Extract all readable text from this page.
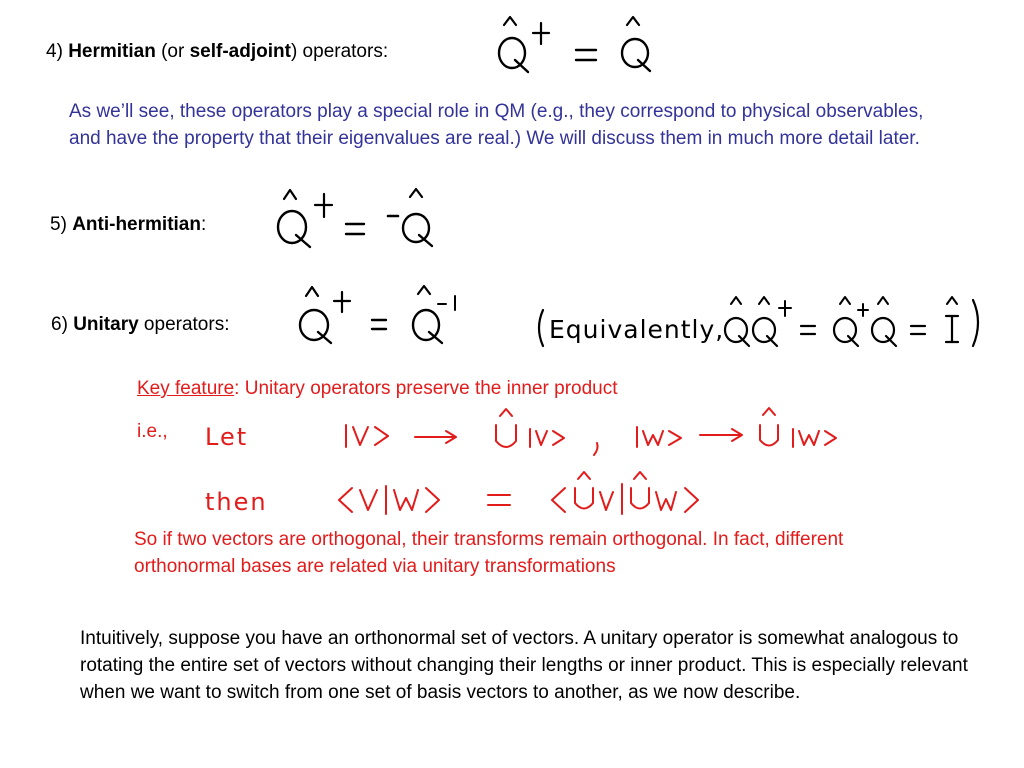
4) Hermitian (or self-adjoint) operators:
As we’ll see, these operators play a special role in QM (e.g., they correspond to physical observables, and have the property that their eigenvalues are real.) We will discuss them in much more detail later.
5) Anti-hermitian:
6) Unitary operators:	Equivalently,
Key feature: Unitary operators preserve the inner product
i.e., Let
then
So if two vectors are orthogonal, their transforms remain orthogonal. In fact, different orthonormal bases are related via unitary transformations
Intuitively, suppose you have an orthonormal set of vectors. A unitary operator is somewhat analogous to rotating the entire set of vectors without changing their lengths or inner product. This is especially relevant when we want to switch from one set of basis vectors to another, as we now describe.
